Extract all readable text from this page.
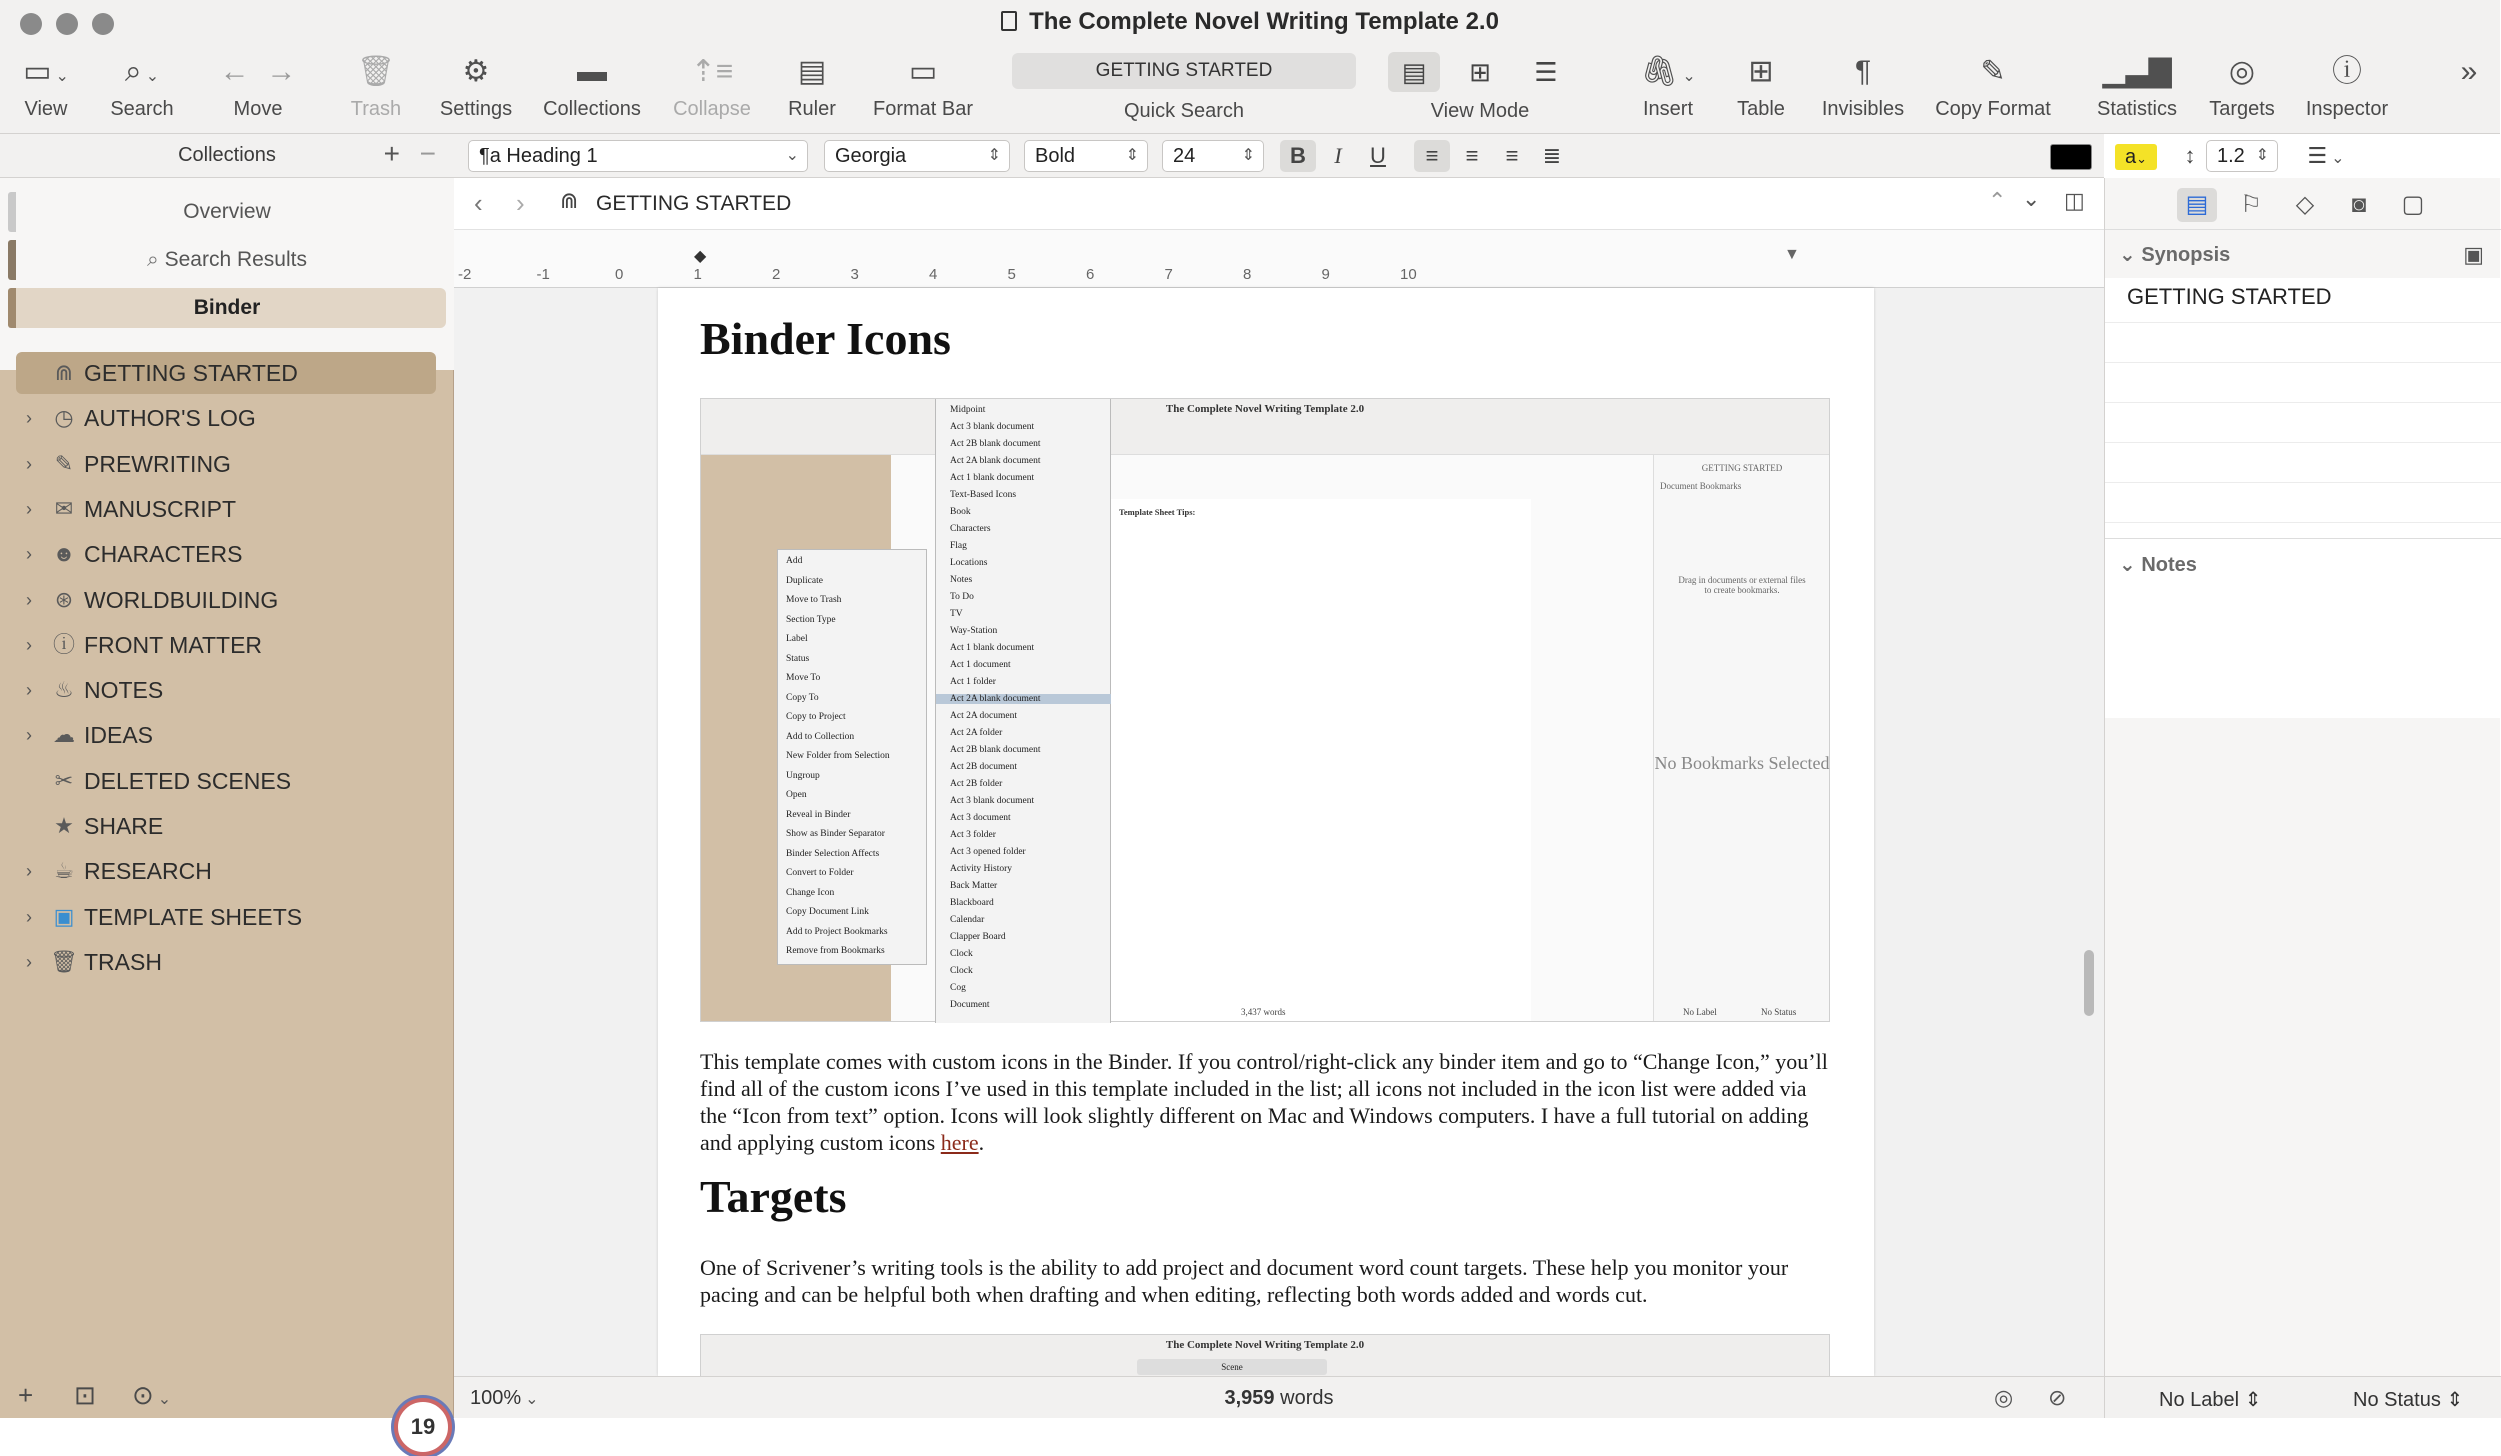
The Complete Novel Writing Template 2.0
▭ ⌄
View
⌕ ⌄
Search
←  →
Move
🗑
Trash
⚙
Settings
▬
Collections
⇡≡
Collapse
▤
Ruler
▭
Format Bar
GETTING STARTED
Quick Search
▤	⊞	☰
View Mode
🖇 ⌄
Insert
⊞
Table
¶
Invisibles
✎
Copy Format
▁▃▇
Statistics
◎
Targets
ⓘ
Inspector
»
Collections	+ −
Overview
⌕ Search Results
Binder
⋒ GETTING STARTED
›	◷ AUTHOR'S LOG
›	✎ PREWRITING
›	✉ MANUSCRIPT
› ☻ CHARACTERS
›	⊛ WORLDBUILDING
› ⓘ FRONT MATTER
›	♨ NOTES
› ☁ IDEAS
✂ DELETED SCENES
★ SHARE
›	☕ RESEARCH
› ▣ TEMPLATE SHEETS
› 🗑 TRASH
19
+ ⊡ ⊙ ⌄
¶a Heading 1	⌄	Georgia	⇕	Bold	⇕	24	⇕	B	I	U	≡	≡	≡	≣	a⌄	↕	1.2 ⇕	☰ ⌄
‹ › ⋒ GETTING STARTED	⌃ ⌄ ◫
-2	-1	0	1	2	3	4	5	6	7	8	9	10
◆	▼
Binder Icons
The Complete Novel Writing Template 2.0
Add
Duplicate
Move to Trash
Section Type
Label
Status
Move To
Copy To
Copy to Project
Add to Collection
New Folder from Selection
Ungroup
Open
Reveal in Binder
Show as Binder Separator
Binder Selection Affects
Convert to Folder
Change Icon
Copy Document Link
Add to Project Bookmarks
Remove from Bookmarks
Midpoint
Act 3 blank document
Act 2B blank document
Act 2A blank document
Act 1 blank document
Text-Based Icons
Book
Characters
Flag
Locations
Notes
To Do
TV
Way-Station
Act 1 blank document
Act 1 document
Act 1 folder
Act 2A blank document
Act 2A document
Act 2A folder
Act 2B blank document
Act 2B document
Act 2B folder
Act 3 blank document
Act 3 document
Act 3 folder
Act 3 opened folder
Activity History
Back Matter
Blackboard
Calendar
Clapper Board
Clock
Clock
Cog
Document
Template Sheet Tips:
GETTING STARTED
Document Bookmarks
Drag in documents or external files to create bookmarks.
No Bookmarks Selected
3,437 words	No Label	No Status

This template comes with custom icons in the Binder. If you control/right-click any binder item and go to “Change Icon,” you’ll find all of the custom icons I’ve used in this template included in the list; all icons not included in the icon list were added via the “Icon from text” option. Icons will look slightly different on Mac and Windows computers. I have a full tutorial on adding and applying custom icons here.

Targets

One of Scrivener’s writing tools is the ability to add project and document word count targets. These help you monitor your pacing and can be helpful both when drafting and when editing, reflecting both words added and words cut.

The Complete Novel Writing Template 2.0
Scene
100% ⌄	3,959 words	◎ ⊘
▤	⚐	◇	◙	▢
⌄ Synopsis	▣
GETTING STARTED
⌄ Notes
No Label ⇕	No Status ⇕
